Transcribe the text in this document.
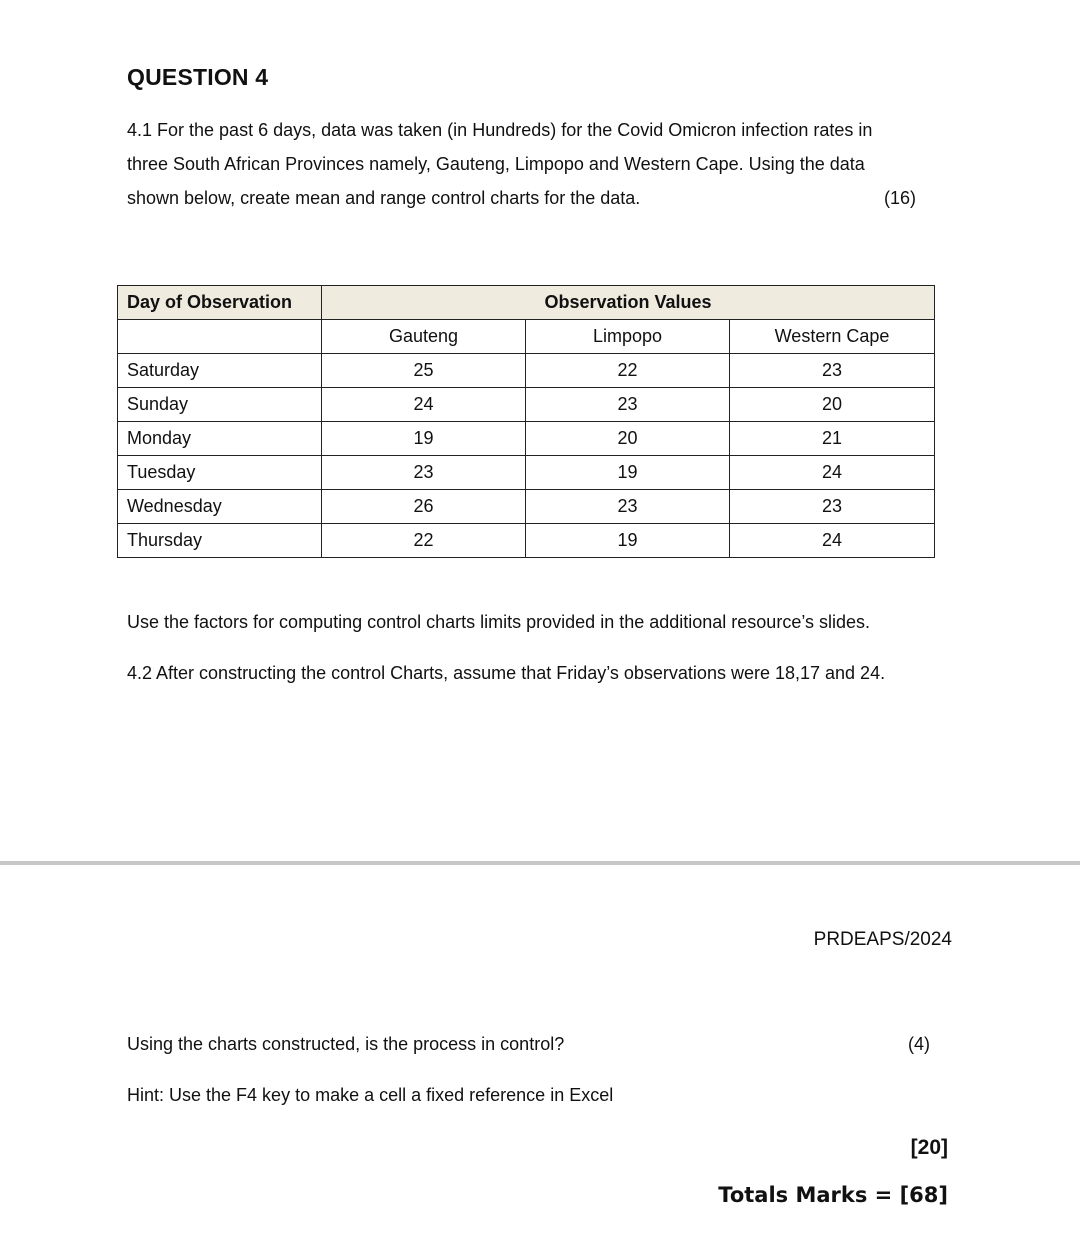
QUESTION 4
4.1 For the past 6 days, data was taken (in Hundreds) for the Covid Omicron infection rates in
three South African Provinces namely, Gauteng, Limpopo and Western Cape. Using the data
shown below, create mean and range control charts for the data.	(16)
Day of Observation	Observation Values		
	Gauteng	Limpopo	Western Cape
Saturday	25	22	23
Sunday	24	23	20
Monday	19	20	21
Tuesday	23	19	24
Wednesday	26	23	23
Thursday	22	19	24
Use the factors for computing control charts limits provided in the additional resource’s slides.
4.2 After constructing the control Charts, assume that Friday’s observations were 18,17 and 24.
PRDEAPS/2024
Using the charts constructed, is the process in control?	(4)
Hint: Use the F4 key to make a cell a fixed reference in Excel
[20]
Totals Marks = [68]
